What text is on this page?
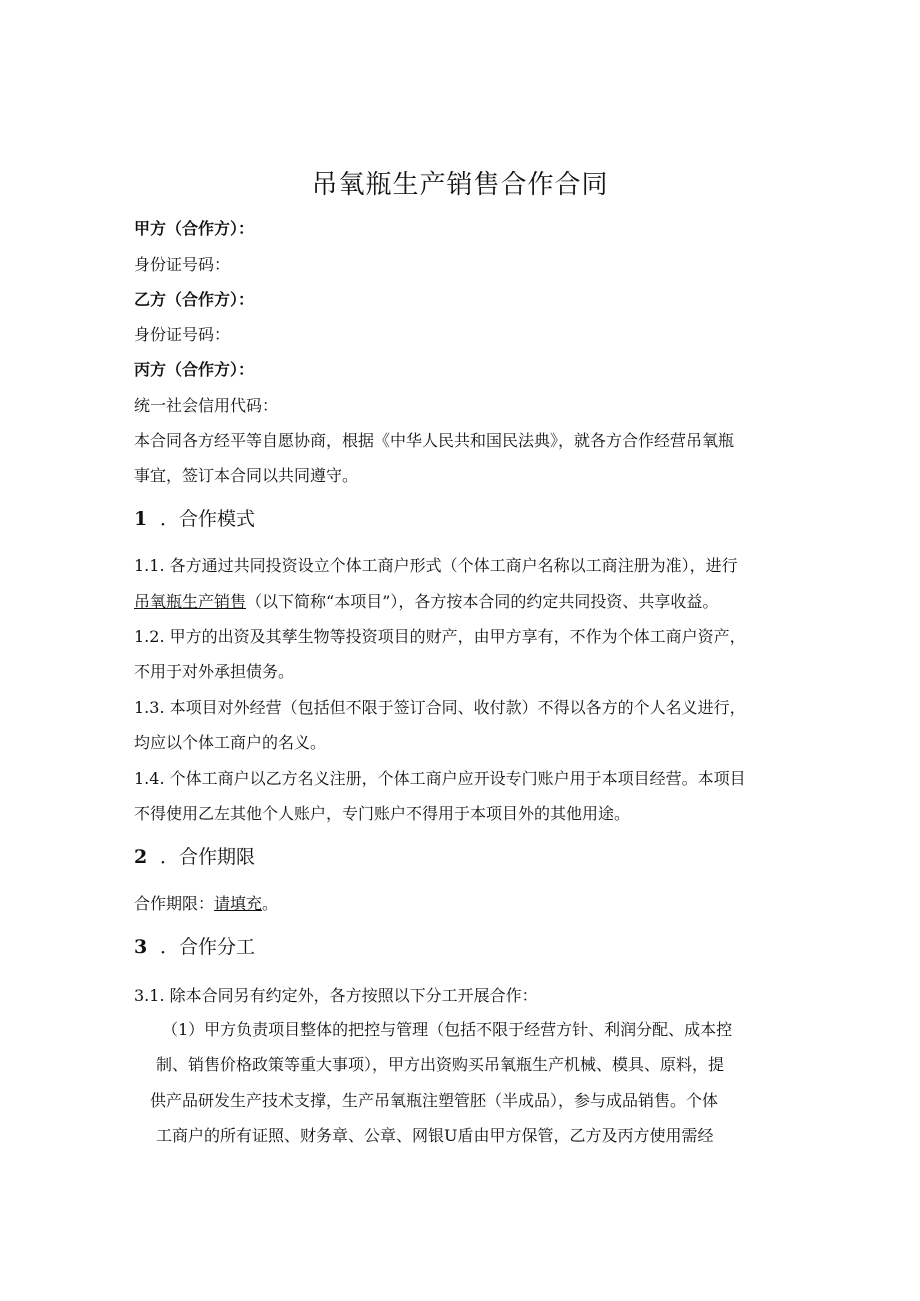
吊氧瓶生产销售合作合同
甲方（合作方）：
身份证号码：
乙方（合作方）：
身份证号码：
丙方（合作方）：
统一社会信用代码：
本合同各方经平等自愿协商，根据《中华人民共和国民法典》，就各方合作经营吊氧瓶
事宜，签订本合同以共同遵守。
1 ．合作模式
1.1. 各方通过共同投资设立个体工商户形式（个体工商户名称以工商注册为准），进行
吊氧瓶生产销售（以下简称“本项目”），各方按本合同的约定共同投资、共享收益。
1.2. 甲方的出资及其孳生物等投资项目的财产，由甲方享有，不作为个体工商户资产，
不用于对外承担债务。
1.3. 本项目对外经营（包括但不限于签订合同、收付款）不得以各方的个人名义进行，
均应以个体工商户的名义。
1.4. 个体工商户以乙方名义注册，个体工商户应开设专门账户用于本项目经营。本项目
不得使用乙左其他个人账户，专门账户不得用于本项目外的其他用途。
2 ．合作期限
合作期限：请填充。
3 ．合作分工
3.1. 除本合同另有约定外，各方按照以下分工开展合作：
（1）甲方负责项目整体的把控与管理（包括不限于经营方针、利润分配、成本控
制、销售价格政策等重大事项），甲方出资购买吊氧瓶生产机械、模具、原料，提
供产品研发生产技术支撑，生产吊氧瓶注塑管胚（半成品），参与成品销售。个体
工商户的所有证照、财务章、公章、网银U盾由甲方保管，乙方及丙方使用需经
